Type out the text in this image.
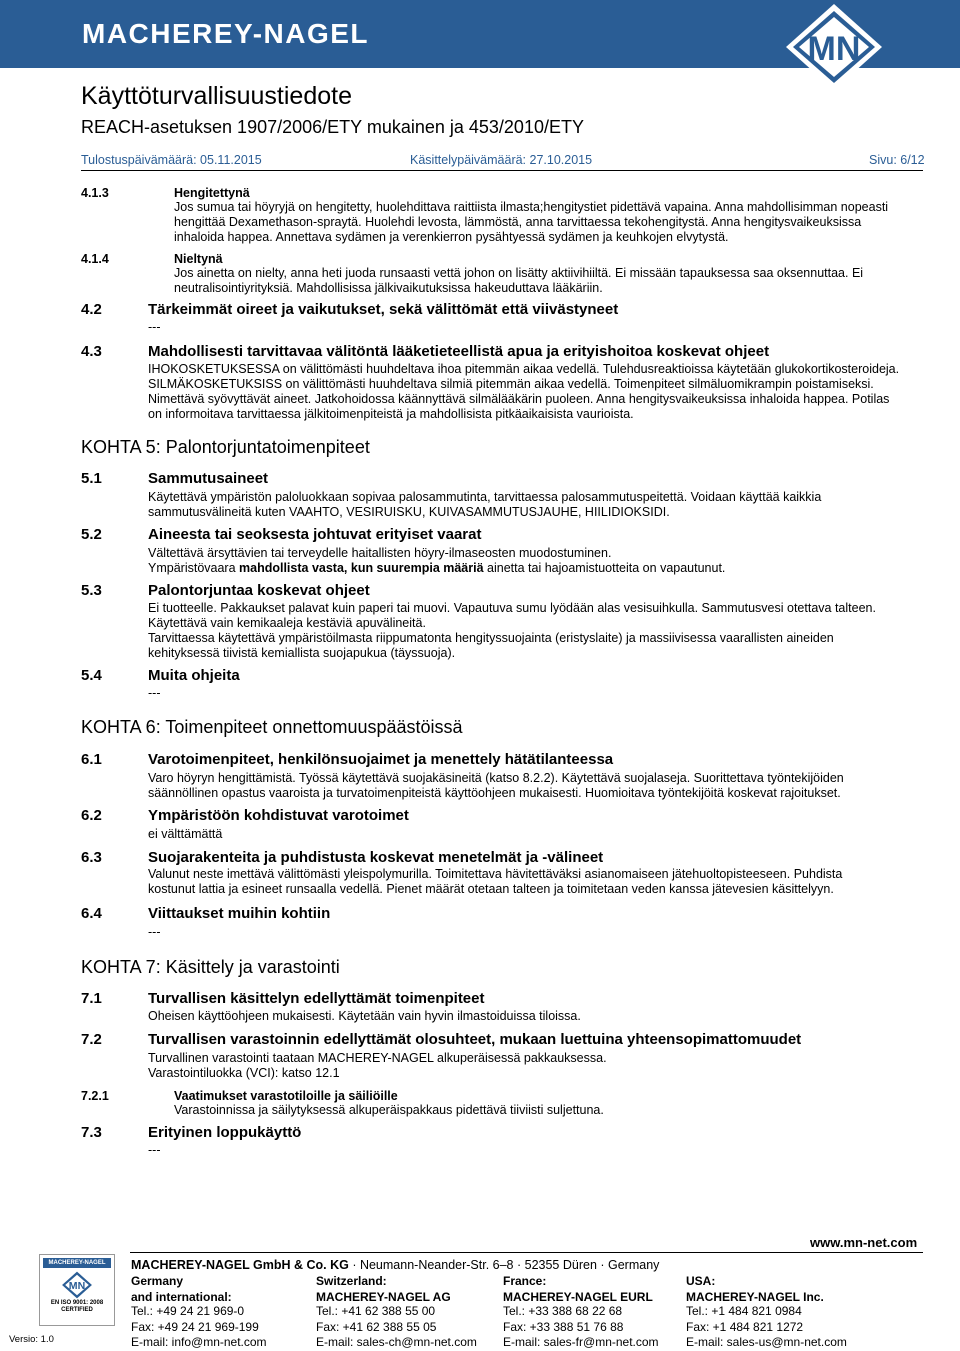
MACHEREY-NAGEL	MN
Käyttöturvallisuustiedote
REACH-asetuksen 1907/2006/ETY mukainen ja 453/2010/ETY
Tulostuspäivämäärä: 05.11.2015	Käsittelypäivämäärä: 27.10.2015	Sivu: 6/12
4.1.3	Hengitettynä
Jos sumua tai höyryjä on hengitetty, huolehdittava raittiista ilmasta;hengitystiet pidettävä vapaina. Anna mahdollisimman nopeasti
hengittää Dexamethason-spraytä. Huolehdi levosta, lämmöstä, anna tarvittaessa tekohengitystä. Anna hengitysvaikeuksissa
inhaloida happea. Annettava sydämen ja verenkierron pysähtyessä sydämen ja keuhkojen elvytystä.
4.1.4	Nieltynä
Jos ainetta on nielty, anna heti juoda runsaasti vettä johon on lisätty aktiivihiiltä. Ei missään tapauksessa saa oksennuttaa. Ei
neutralisointiyrityksiä. Mahdollisissa jälkivaikutuksissa hakeuduttava lääkäriin.
4.2	Tärkeimmät oireet ja vaikutukset, sekä välittömät että viivästyneet
---
4.3	Mahdollisesti tarvittavaa välitöntä lääketieteellistä apua ja erityishoitoa koskevat ohjeet
IHOKOSKETUKSESSA on välittömästi huuhdeltava ihoa pitemmän aikaa vedellä. Tulehdusreaktioissa käytetään glukokortikosteroideja.
SILMÄKOSKETUKSISS on välittömästi huuhdeltava silmiä pitemmän aikaa vedellä. Toimenpiteet silmäluomikrampin poistamiseksi.
Nimettävä syövyttävät aineet. Jatkohoidossa käännyttävä silmälääkärin puoleen. Anna hengitysvaikeuksissa inhaloida happea. Potilas
on informoitava tarvittaessa jälkitoimenpiteistä ja mahdollisista pitkäaikaisista vaurioista.
KOHTA 5: Palontorjuntatoimenpiteet
5.1	Sammutusaineet
Käytettävä ympäristön paloluokkaan sopivaa palosammutinta, tarvittaessa palosammutuspeitettä. Voidaan käyttää kaikkia
sammutusvälineitä kuten VAAHTO, VESIRUISKU, KUIVASAMMUTUSJAUHE, HIILIDIOKSIDI.
5.2	Aineesta tai seoksesta johtuvat erityiset vaarat
Vältettävä ärsyttävien tai terveydelle haitallisten höyry-ilmaseosten muodostuminen.
Ympäristövaara mahdollista vasta, kun suurempia määriä ainetta tai hajoamistuotteita on vapautunut.
5.3	Palontorjuntaa koskevat ohjeet
Ei tuotteelle. Pakkaukset palavat kuin paperi tai muovi. Vapautuva sumu lyödään alas vesisuihkulla. Sammutusvesi otettava talteen.
Käytettävä vain kemikaaleja kestäviä apuvälineitä.
Tarvittaessa käytettävä ympäristöilmasta riippumatonta hengityssuojainta (eristyslaite) ja massiivisessa vaarallisten aineiden
kehityksessä tiivistä kemiallista suojapukua (täyssuoja).
5.4	Muita ohjeita
---
KOHTA 6: Toimenpiteet onnettomuuspäästöissä
6.1	Varotoimenpiteet, henkilönsuojaimet ja menettely hätätilanteessa
Varo höyryn hengittämistä. Työssä käytettävä suojakäsineitä (katso 8.2.2). Käytettävä suojalaseja. Suorittettava työntekijöiden
säännöllinen opastus vaaroista ja turvatoimenpiteistä käyttöohjeen mukaisesti. Huomioitava työntekijöitä koskevat rajoitukset.
6.2	Ympäristöön kohdistuvat varotoimet
ei välttämättä
6.3	Suojarakenteita ja puhdistusta koskevat menetelmät ja -välineet
Valunut neste imettävä välittömästi yleispolymurilla. Toimitettava hävitettäväksi asianomaiseen jätehuoltopisteeseen. Puhdista
kostunut lattia ja esineet runsaalla vedellä. Pienet määrät otetaan talteen ja toimitetaan veden kanssa jätevesien käsittelyyn.
6.4	Viittaukset muihin kohtiin
---
KOHTA 7: Käsittely ja varastointi
7.1	Turvallisen käsittelyn edellyttämät toimenpiteet
Oheisen käyttöohjeen mukaisesti. Käytetään vain hyvin ilmastoiduissa tiloissa.
7.2	Turvallisen varastoinnin edellyttämät olosuhteet, mukaan luettuina yhteensopimattomuudet
Turvallinen varastointi taataan MACHEREY-NAGEL alkuperäisessä pakkauksessa.
Varastointiluokka (VCI): katso 12.1
7.2.1	Vaatimukset varastotiloille ja säiliöille
Varastoinnissa ja säilytyksessä alkuperäispakkaus pidettävä tiiviisti suljettuna.
7.3	Erityinen loppukäyttö
---
www.mn-net.com
MACHEREY-NAGEL
MN
EN ISO 9001: 2008
CERTIFIED
Versio: 1.0
MACHEREY-NAGEL GmbH & Co. KG · Neumann-Neander-Str. 6–8 · 52355 Düren · Germany
Germany
and international:
Tel.: +49 24 21 969-0
Fax: +49 24 21 969-199
E-mail: info@mn-net.com
Switzerland:
MACHEREY-NAGEL AG
Tel.: +41 62 388 55 00
Fax: +41 62 388 55 05
E-mail: sales-ch@mn-net.com
France:
MACHEREY-NAGEL EURL
Tel.: +33 388 68 22 68
Fax: +33 388 51 76 88
E-mail: sales-fr@mn-net.com
USA:
MACHEREY-NAGEL Inc.
Tel.: +1 484 821 0984
Fax: +1 484 821 1272
E-mail: sales-us@mn-net.com
